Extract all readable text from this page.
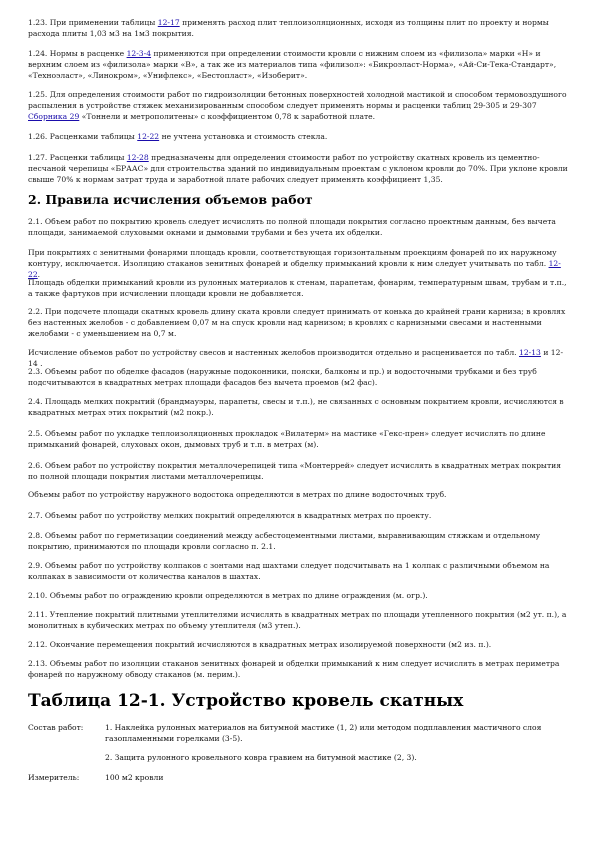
1.23. При применении таблицы 12-17 применять расход плит теплоизоляционных, исходя из толщины плит по проекту и нормы расхода плиты 1,03 м3 на 1м3 покрытия.

1.24. Нормы в расценке 12-3-4 применяются при определении стоимости кровли с нижним слоем из «филизола» марки «Н» и верхним слоем из «филизола» марки «В», а так же из материалов типа «филизол»: «Бикроэласт-Норма», «Ай-Си-Тека-Стандарт», «Техноэласт», «Линокром», «Унифлекс», «Бестопласт», «Изоберит».

1.25. Для определения стоимости работ по гидроизоляции бетонных поверхностей холодной мастикой и способом термовоздушного распыления в устройстве стяжек механизированным способом следует применять нормы и расценки таблиц 29-305 и 29-307 Сборника 29 «Тоннели и метрополитены» с коэффициентом 0,78 к заработной плате.

1.26. Расценками таблицы 12-22 не учтена установка и стоимость стекла.

1.27. Расценки таблицы 12-28 предназначены для определения стоимости работ по устройству скатных кровель из цементно-песчаной черепицы «БРААС» для строительства зданий по индивидуальным проектам с уклоном кровли до 70%. При уклоне кровли свыше 70% к нормам затрат труда и заработной плате рабочих следует применять коэффициент 1,35.

2. Правила исчисления объемов работ

2.1. Объем работ по покрытию кровель следует исчислять по полной площади покрытия согласно проектным данным, без вычета площади, занимаемой слуховыми окнами и дымовыми трубами и без учета их обделки.

При покрытиях с зенитными фонарями площадь кровли, соответствующая горизонтальным проекциям фонарей по их наружному контуру, исключается. Изоляцию стаканов зенитных фонарей и обделку примыканий кровли к ним следует учитывать по табл. 12-22.

Площадь обделки примыканий кровли из рулонных материалов к стенам, парапетам, фонарям, температурным швам, трубам и т.п., а также фартуков при исчислении площади кровли не добавляется.

2.2. При подсчете площади скатных кровель длину ската кровли следует принимать от конька до крайней грани карниза; в кровлях без настенных желобов - с добавлением 0,07 м на спуск кровли над карнизом; в кровлях с карнизными свесами и настенными желобами - с уменьшением на 0,7 м.

Исчисление объемов работ по устройству свесов и настенных желобов производится отдельно и расценивается по табл. 12-13 и 12-14 .

2.3. Объемы работ по обделке фасадов (наружные подоконники, пояски, балконы и пр.) и водосточными трубками и без труб подсчитываются в квадратных метрах площади фасадов без вычета проемов (м2 фас).

2.4. Площадь мелких покрытий (брандмауэры, парапеты, свесы и т.п.), не связанных с основным покрытием кровли, исчисляются в квадратных метрах этих покрытий (м2 покр.).

2.5. Объемы работ по укладке теплоизоляционных прокладок «Вилатерм» на мастике «Гекс-прен» следует исчислять по длине примыканий фонарей, слуховых окон, дымовых труб и т.п. в метрах (м).

2.6. Объем работ по устройству покрытия металлочерепицей типа «Монтеррей» следует исчислять в квадратных метрах покрытия по полной площади покрытия листами металлочерепицы.

Объемы работ по устройству наружного водостока определяются в метрах по длине водосточных труб.

2.7. Объемы работ по устройству мелких покрытий определяются в квадратных метрах по проекту.

2.8. Объемы работ по герметизации соединений между асбестоцементными листами, выравнивающим стяжкам и отдельному покрытию, принимаются по площади кровли согласно п. 2.1.

2.9. Объемы работ по устройству колпаков с зонтами над шахтами следует подсчитывать на 1 колпак с различными объемом на колпаках в зависимости от количества каналов в шахтах.

2.10. Объемы работ по ограждению кровли определяются в метрах по длине ограждения (м. огр.).

2.11. Утепление покрытий плитными утеплителями исчислять в квадратных метрах по площади утепленного покрытия (м2 ут. п.), а монолитных в кубических метрах по объему утеплителя (м3 утеп.).

2.12. Окончание перемещения покрытий исчисляются в квадратных метрах изолируемой поверхности (м2 из. п.).

2.13. Объемы работ по изоляции стаканов зенитных фонарей и обделки примыканий к ним следует исчислять в метрах периметра фонарей по наружному обводу стаканов (м. перим.).

Таблица 12-1. Устройство кровель скатных
Состав работ:	1. Наклейка рулонных материалов на битумной мастике (1, 2) или методом подплавления мастичного слоя газопламенными горелками (3-5).
2. Защита рулонного кровельного ковра гравием на битумной мастике (2, 3).
Измеритель:	100 м2 кровли
